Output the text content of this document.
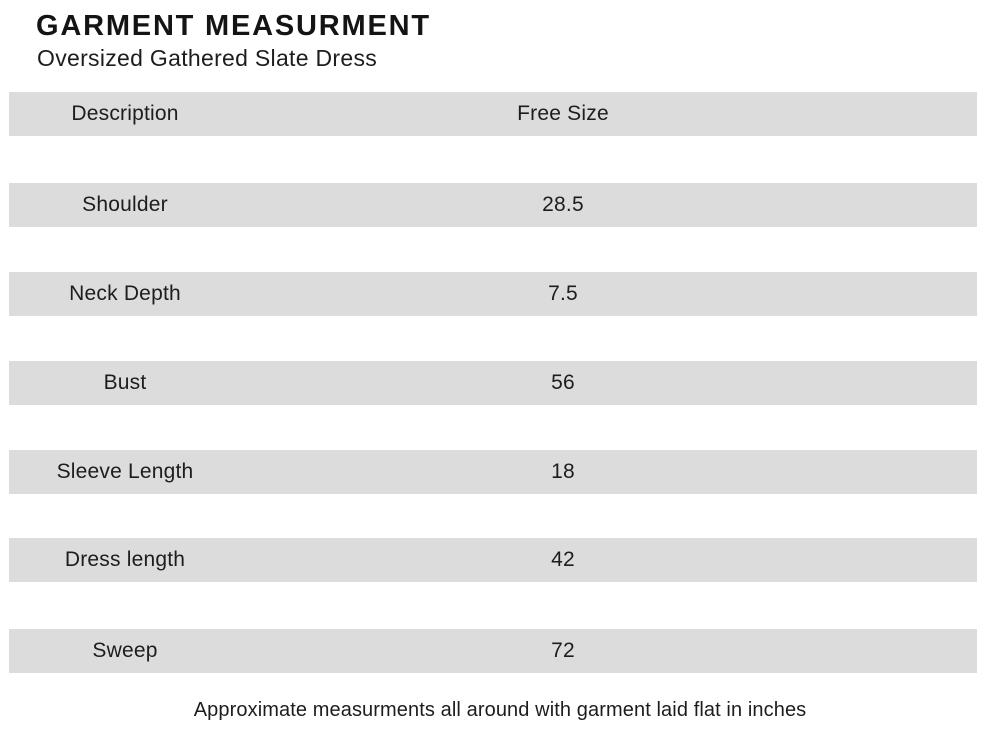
GARMENT MEASURMENT
Oversized Gathered Slate Dress
Description	Free Size
Shoulder	28.5
Neck Depth	7.5
Bust	56
Sleeve Length	18
Dress length	42
Sweep	72

Approximate measurments all around with garment laid flat in inches
